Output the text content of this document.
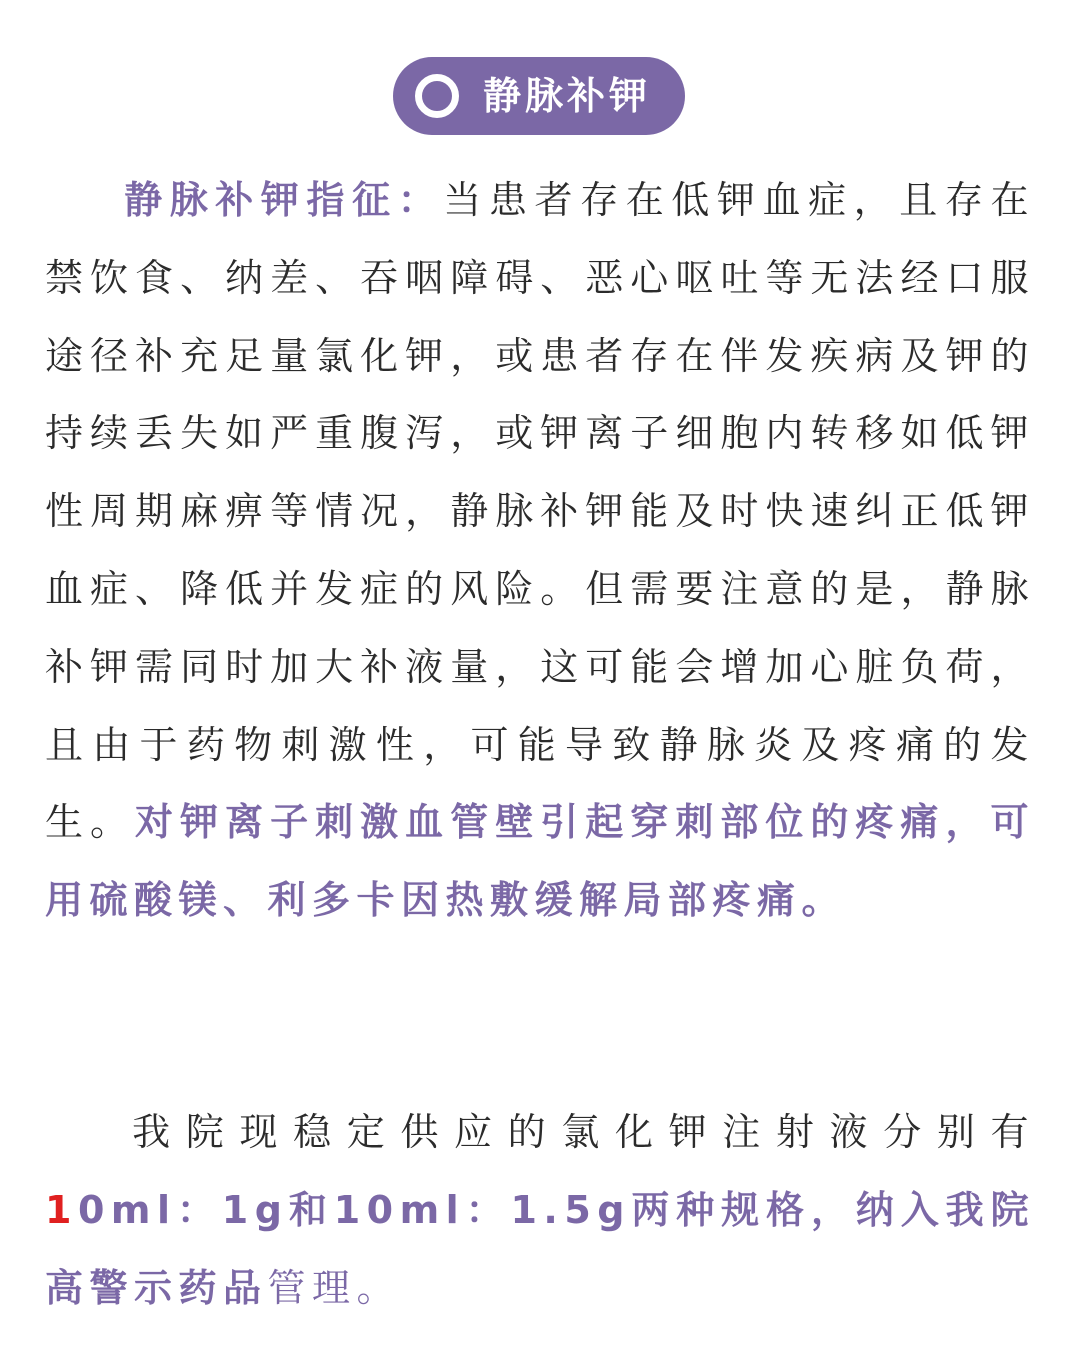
静脉补钾

静脉补钾指征：当患者存在低钾血症，且存在禁饮食、纳差、吞咽障碍、恶心呕吐等无法经口服途径补充足量氯化钾，或患者存在伴发疾病及钾的持续丢失如严重腹泻，或钾离子细胞内转移如低钾性周期麻痹等情况，静脉补钾能及时快速纠正低钾血症、降低并发症的风险。但需要注意的是，静脉补钾需同时加大补液量，这可能会增加心脏负荷，且由于药物刺激性，可能导致静脉炎及疼痛的发生。对钾离子刺激血管壁引起穿刺部位的疼痛，可用硫酸镁、利多卡因热敷缓解局部疼痛。

我院现稳定供应的氯化钾注射液分别有10ml：1g和10ml：1.5g两种规格，纳入我院高警示药品管理。
